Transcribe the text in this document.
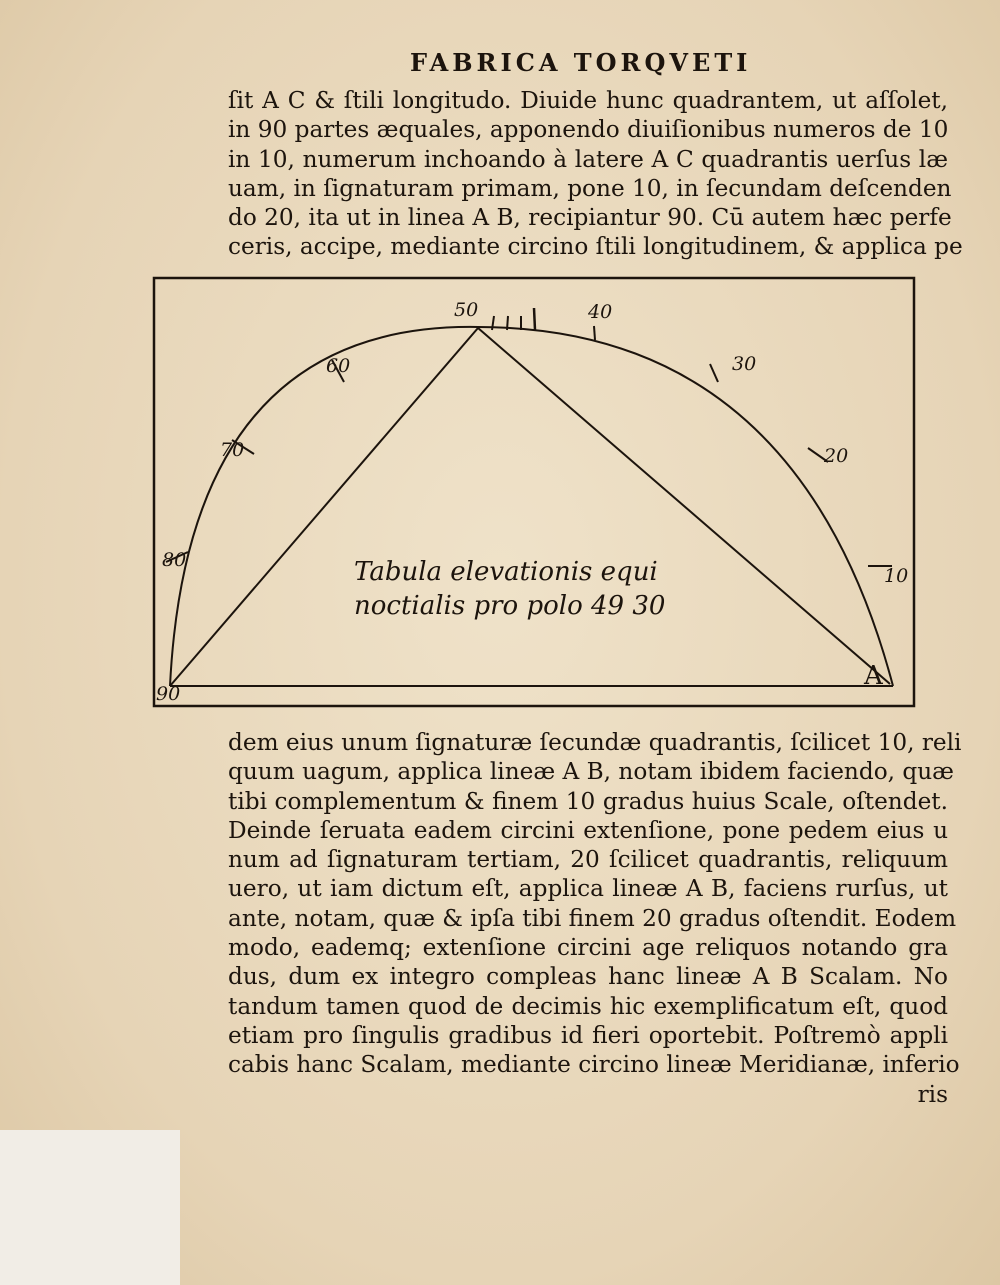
FABRICA TORQVETI
ſit A C & ſtili longitudo. Diuide hunc quadrantem, ut aſſolet,
in 90 partes æquales, apponendo diuiſionibus numeros de 10
in 10, numerum inchoando à latere A C quadrantis uerſus læ
uam, in ſignaturam primam, pone 10, in ſecundam deſcenden
do 20, ita ut in linea A B, recipiantur 90. Cū autem hæc perfe
ceris, accipe, mediante circino ſtili longitudinem, & applica pe
90
80
70
60
50	40
30
20
10
A
Tabula elevationis equi
noctialis pro polo 49 30
dem eius unum ſignaturæ ſecundæ quadrantis, ſcilicet 10, reli
quum uagum, applica lineæ A B, notam ibidem faciendo, quæ
tibi complementum & finem 10 gradus huius Scale, oſtendet.
Deinde ſeruata eadem circini extenſione, pone pedem eius u
num ad ſignaturam tertiam, 20 ſcilicet quadrantis, reliquum
uero, ut iam dictum eſt, applica lineæ A B, faciens rurſus, ut
ante, notam, quæ & ipſa tibi finem 20 gradus oſtendit. Eodem
modo, eademq; extenſione circini age reliquos notando gra
dus, dum ex integro compleas hanc lineæ A B Scalam. No
tandum tamen quod de decimis hic exemplificatum eſt, quod
etiam pro ſingulis gradibus id fieri oportebit. Poſtremò appli
cabis hanc Scalam, mediante circino lineæ Meridianæ, inferio
ris
